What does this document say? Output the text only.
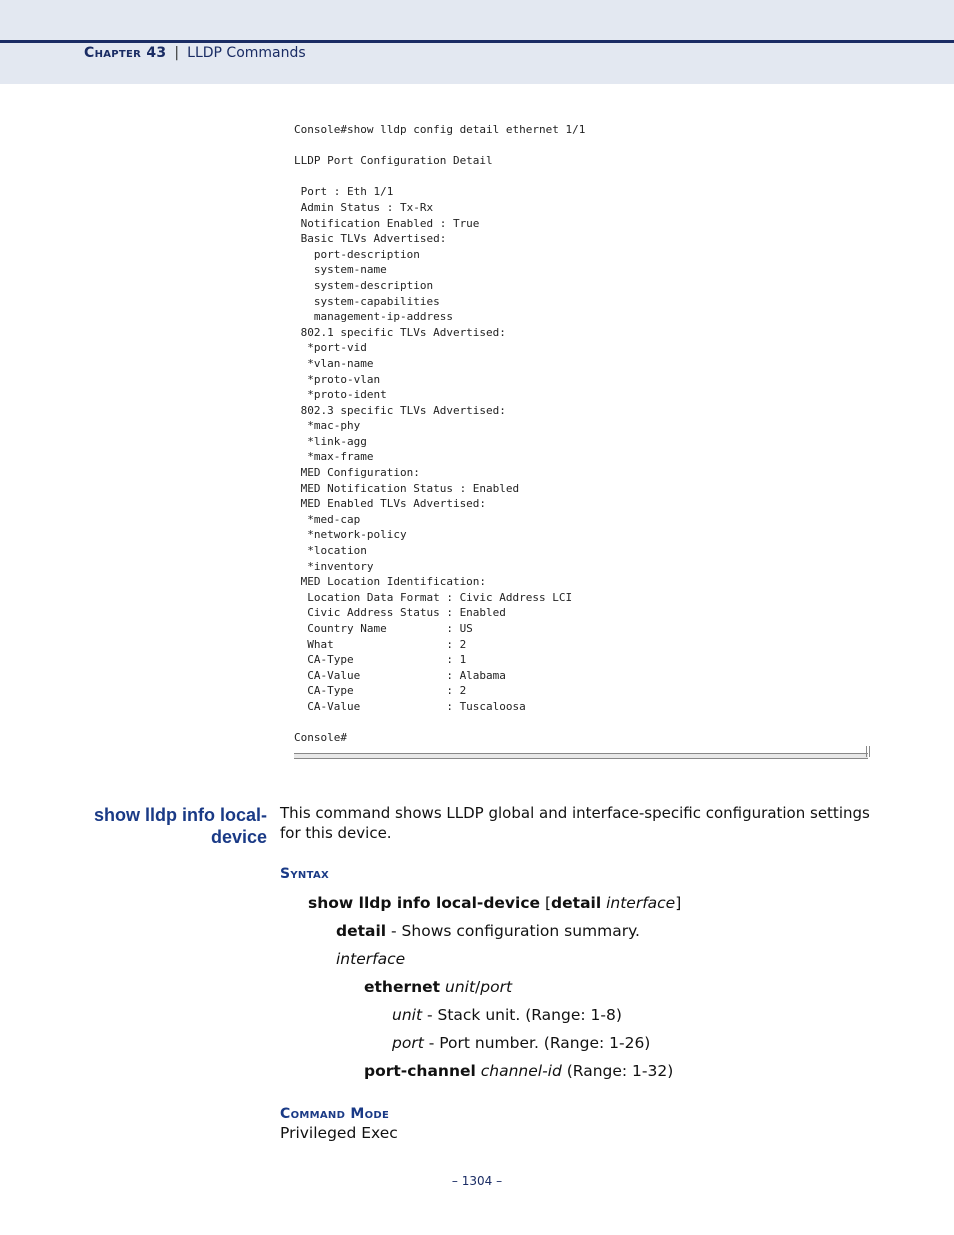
Chapter 43 | LLDP Commands
Console#show lldp config detail ethernet 1/1

LLDP Port Configuration Detail

Port : Eth 1/1
Admin Status : Tx-Rx
Notification Enabled : True
Basic TLVs Advertised:
port-description
system-name
system-description
system-capabilities
management-ip-address
802.1 specific TLVs Advertised:
*port-vid
*vlan-name
*proto-vlan
*proto-ident
802.3 specific TLVs Advertised:
*mac-phy
*link-agg
*max-frame
MED Configuration:
MED Notification Status : Enabled
MED Enabled TLVs Advertised:
*med-cap
*network-policy
*location
*inventory
MED Location Identification:
Location Data Format : Civic Address LCI
Civic Address Status : Enabled
Country Name         : US
What                 : 2
CA-Type              : 1
CA-Value             : Alabama
CA-Type              : 2
CA-Value             : Tuscaloosa

Console#
show lldp info local-
device
This command shows LLDP global and interface-specific configuration settings for this device.
Syntax
show lldp info local-device [detail interface]
detail - Shows configuration summary.
interface
ethernet unit/port
unit - Stack unit. (Range: 1-8)
port - Port number. (Range: 1-26)
port-channel channel-id (Range: 1-32)
Command Mode
Privileged Exec
– 1304 –
